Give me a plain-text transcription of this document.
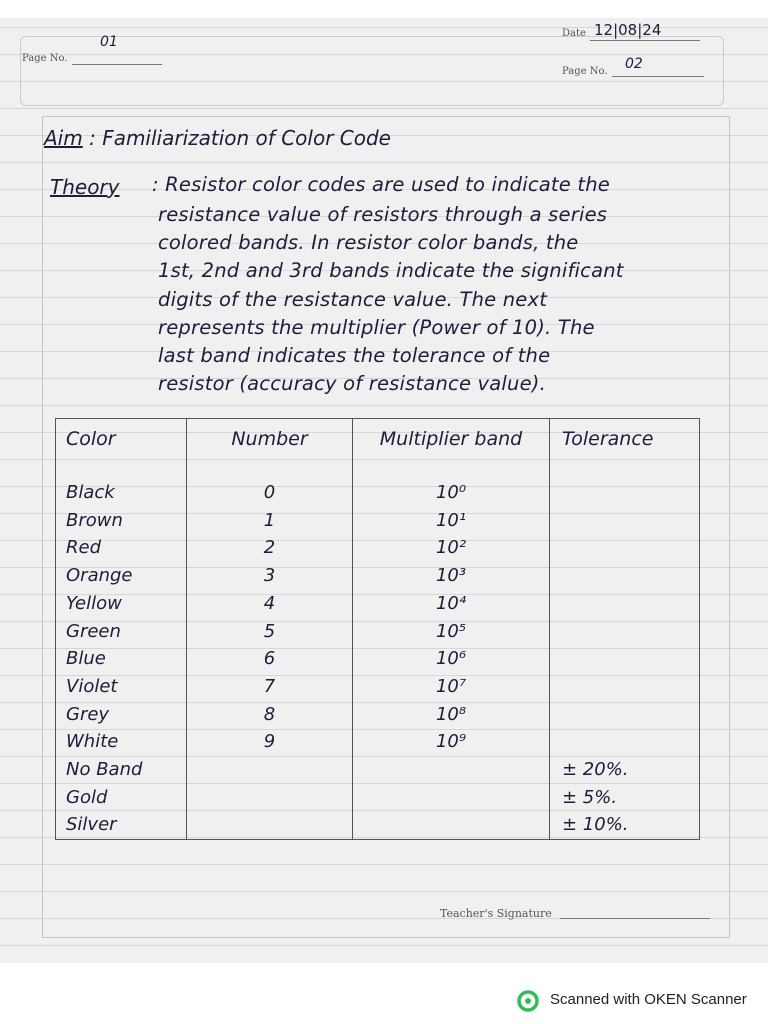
Page No.
01
Date 12|08|24
Page No. 02
Aim : Familiarization of Color Code
Theory : Resistor color codes are used to indicate the
resistance value of resistors through a series
colored bands. In resistor color bands, the
1st, 2nd and 3rd bands indicate the significant
digits of the resistance value. The next
represents the multiplier (Power of 10). The
last band indicates the tolerance of the
resistor (accuracy of resistance value).
Teacher's Signature
Color	Number	Multiplier band	Tolerance

Black	0	10⁰	
Brown	1	10¹	
Red	2	10²	
Orange	3	10³	
Yellow	4	10⁴	
Green	5	10⁵	
Blue	6	10⁶	
Violet	7	10⁷	
Grey	8	10⁸	
White	9	10⁹	
No Band			± 20%.
Gold			± 5%.
Silver			± 10%.
Scanned with OKEN Scanner
